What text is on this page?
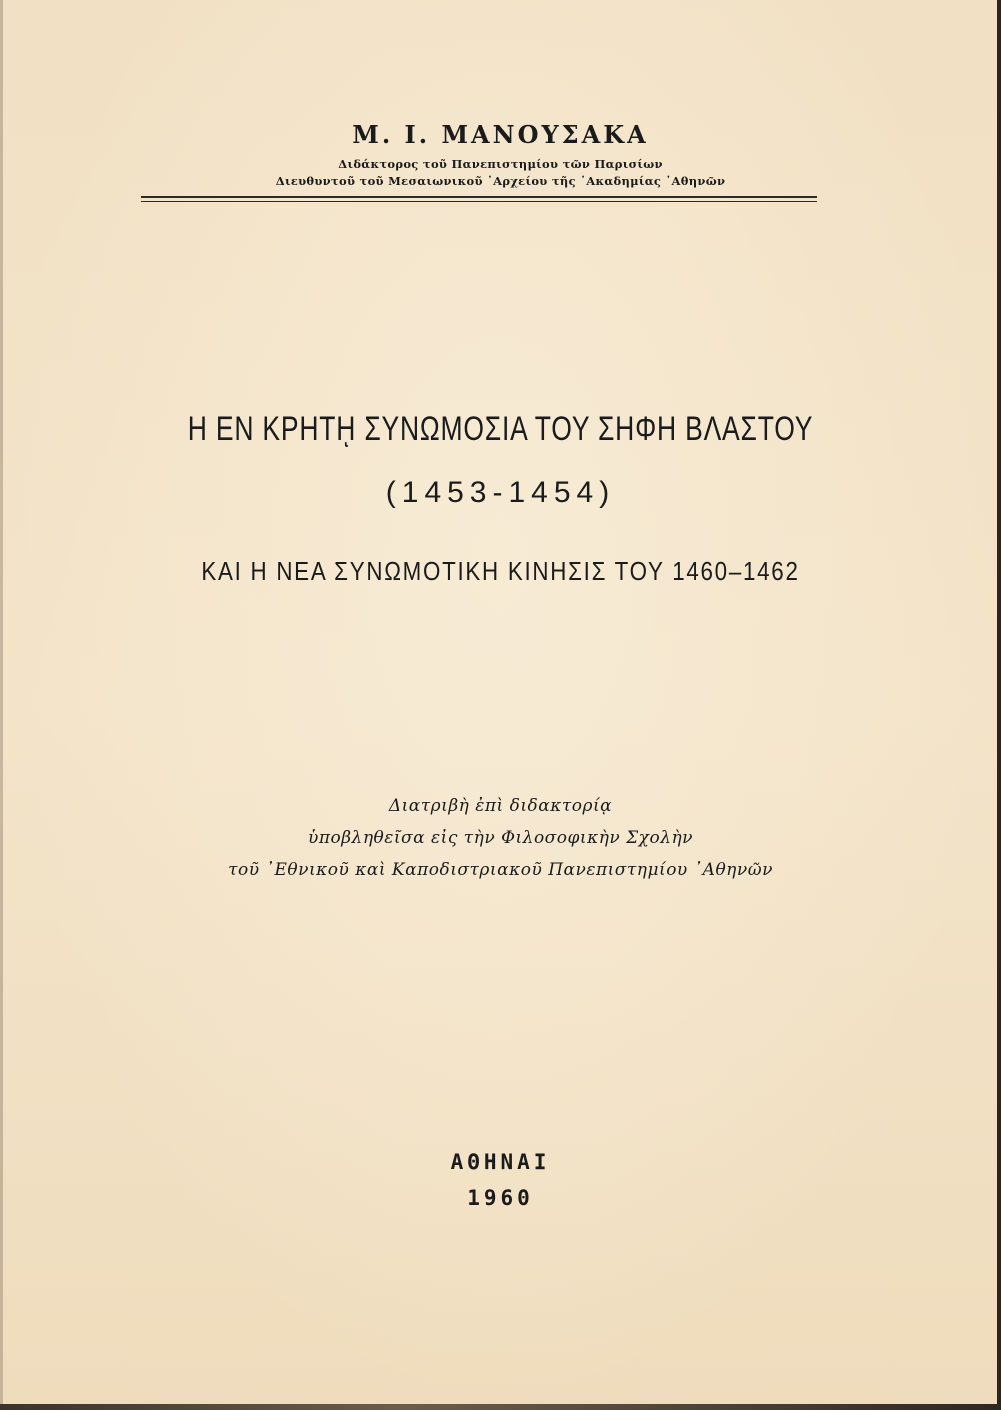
Μ. Ι. ΜΑΝΟΥΣΑΚΑ
Διδάκτορος τοῦ Πανεπιστημίου τῶν Παρισίων
Διευθυντοῦ τοῦ Μεσαιωνικοῦ ᾿Αρχείου τῆς ᾿Ακαδημίας ᾿Αθηνῶν
Η ΕΝ ΚΡΗΤῌ ΣΥΝΩΜΟΣΙΑ ΤΟΥ ΣΗΦΗ ΒΛΑΣΤΟΥ
(1453-1454)
ΚΑΙ Η ΝΕΑ ΣΥΝΩΜΟΤΙΚΗ ΚΙΝΗΣΙΣ ΤΟΥ 1460–1462
Διατριβὴ ἐπὶ διδακτορίᾳ
ὑποβληθεῖσα εἰς τὴν Φιλοσοφικὴν Σχολὴν
τοῦ ᾿Εθνικοῦ καὶ Καποδιστριακοῦ Πανεπιστημίου ᾿Αθηνῶν
ΑΘΗΝΑΙ
1960
